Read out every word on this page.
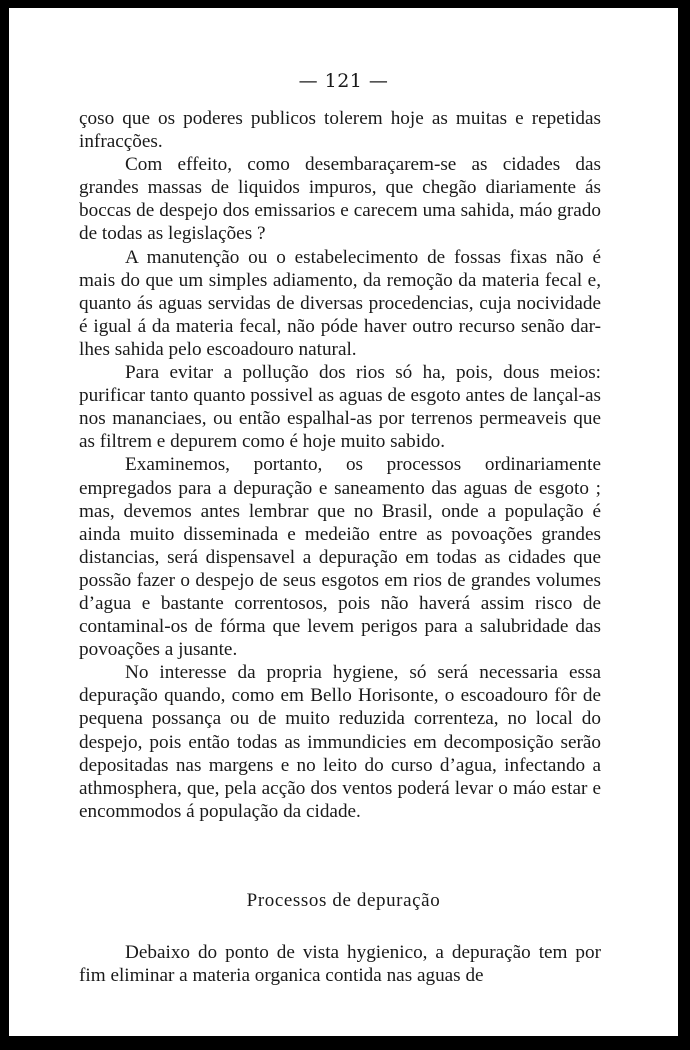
— 121 —

çoso que os poderes publicos tolerem hoje as muitas e repetidas infracções.

Com effeito, como desembaraçarem-se as cidades das grandes massas de liquidos impuros, que chegão diariamente ás boccas de despejo dos emissarios e carecem uma sahida, máo grado de todas as legislações ?

A manutenção ou o estabelecimento de fossas fixas não é mais do que um simples adiamento, da remoção da materia fecal e, quanto ás aguas servidas de diversas procedencias, cuja nocividade é igual á da materia fecal, não póde haver outro recurso senão dar-lhes sahida pelo escoadouro natural.

Para evitar a pollução dos rios só ha, pois, dous meios: purificar tanto quanto possivel as aguas de esgoto antes de lançal-as nos mananciaes, ou então espalhal-as por terrenos permeaveis que as filtrem e depurem como é hoje muito sabido.

Examinemos, portanto, os processos ordinariamente empregados para a depuração e saneamento das aguas de esgoto ; mas, devemos antes lembrar que no Brasil, onde a população é ainda muito disseminada e medeião entre as povoações grandes distancias, será dispensavel a depuração em todas as cidades que possão fazer o despejo de seus esgotos em rios de grandes volumes d’agua e bastante correntosos, pois não haverá assim risco de contaminal-os de fórma que levem perigos para a salubridade das povoações a jusante.

No interesse da propria hygiene, só será necessaria essa depuração quando, como em Bello Horisonte, o escoadouro fôr de pequena possança ou de muito reduzida correnteza, no local do despejo, pois então todas as immundicies em decomposição serão depositadas nas margens e no leito do curso d’agua, infectando a athmosphera, que, pela acção dos ventos poderá levar o máo estar e encommodos á população da cidade.

Processos de depuração

Debaixo do ponto de vista hygienico, a depuração tem por fim eliminar a materia organica contida nas aguas de
